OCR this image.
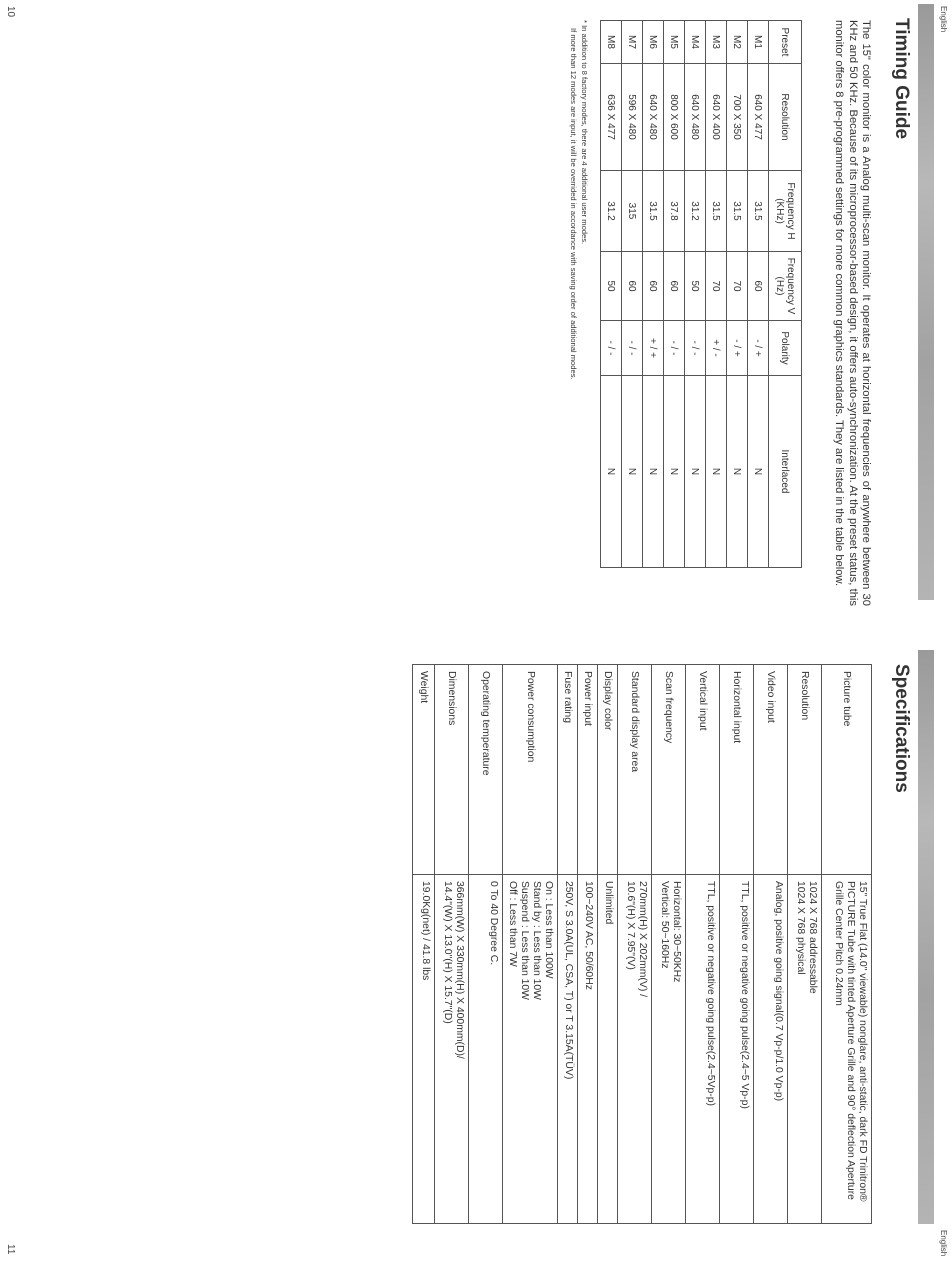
English
Timing Guide
The 15" color monitor is a Analog multi-scan monitor. It operates at horizontal frequencies of anywhere between 30 KHz and 50 KHz. Because of its microprocessor-based design, it offers auto-synchronization. At the preset status, this monitor offers 8 pre-programmed settings for more common graphics standards. They are listed in the table below.
Preset	Resolution	Frequency H (KHz)	Frequency V (Hz)	Polarity	Interlaced
M1	640 X 477	31.5	60	- / +	N
M2	700 X 350	31.5	70	- / +	N
M3	640 X 400	31.5	70	+ / -	N
M4	640 X 480	31.2	50	- / -	N
M5	800 X 600	37.8	60	- / -	N
M6	640 X 480	31.5	60	+ / +	N
M7	596 X 480	315	60	- / -	N
M8	636 X 477	31.2	50	- / -	N
* In addition to 8 factory modes, there are 4 additional user modes.
If more than 12 modes are input, it will be overrided in accordance with saving order of additional modes.
10
English
Specifications
Picture tube	15" True Flat (14.0" viewable) nonglare, anti-static, dark FD Trinitron® PICTURE Tube with tinted Aperture Grille and 90° deflection Aperture Grille Center Pitch 0.24mm
Resolution	1024 X 768 addressable
1024 X 768 physical
Video input	Analog, positive going signal(0.7 Vp-p/1.0 Vp-p)
Horizontal input	TTL, positive or negative going pulse(2.4~5 Vp-p)
Vertical input	TTL, positive or negative going pulse(2.4~5Vp-p)
Scan frequency	Horizontal: 30~50KHz
Vertical: 50~160Hz
Standard display area	270mm(H) X 202mm(V) /
10.6"(H) X 7.95"(V)
Display color	Unlimited
Power input	100~240V AC, 50/60Hz
Fuse rating	250V, S 3.0A(UL, CSA, T) or T 3.15A(TÜV)
Power consumption	On : Less than 100W
Stand by : Less than 10W
Suspend : Less than 10W
Off : Less than 7W
Operating temperature	0 To 40 Degree C.
Dimensions	366mm(W) X 330mm(H) X 400mm(D)/
14.4"(W) X 13.0"(H) X 15.7"(D)
Weight	19.0Kg(net) / 41.8 lbs
11
